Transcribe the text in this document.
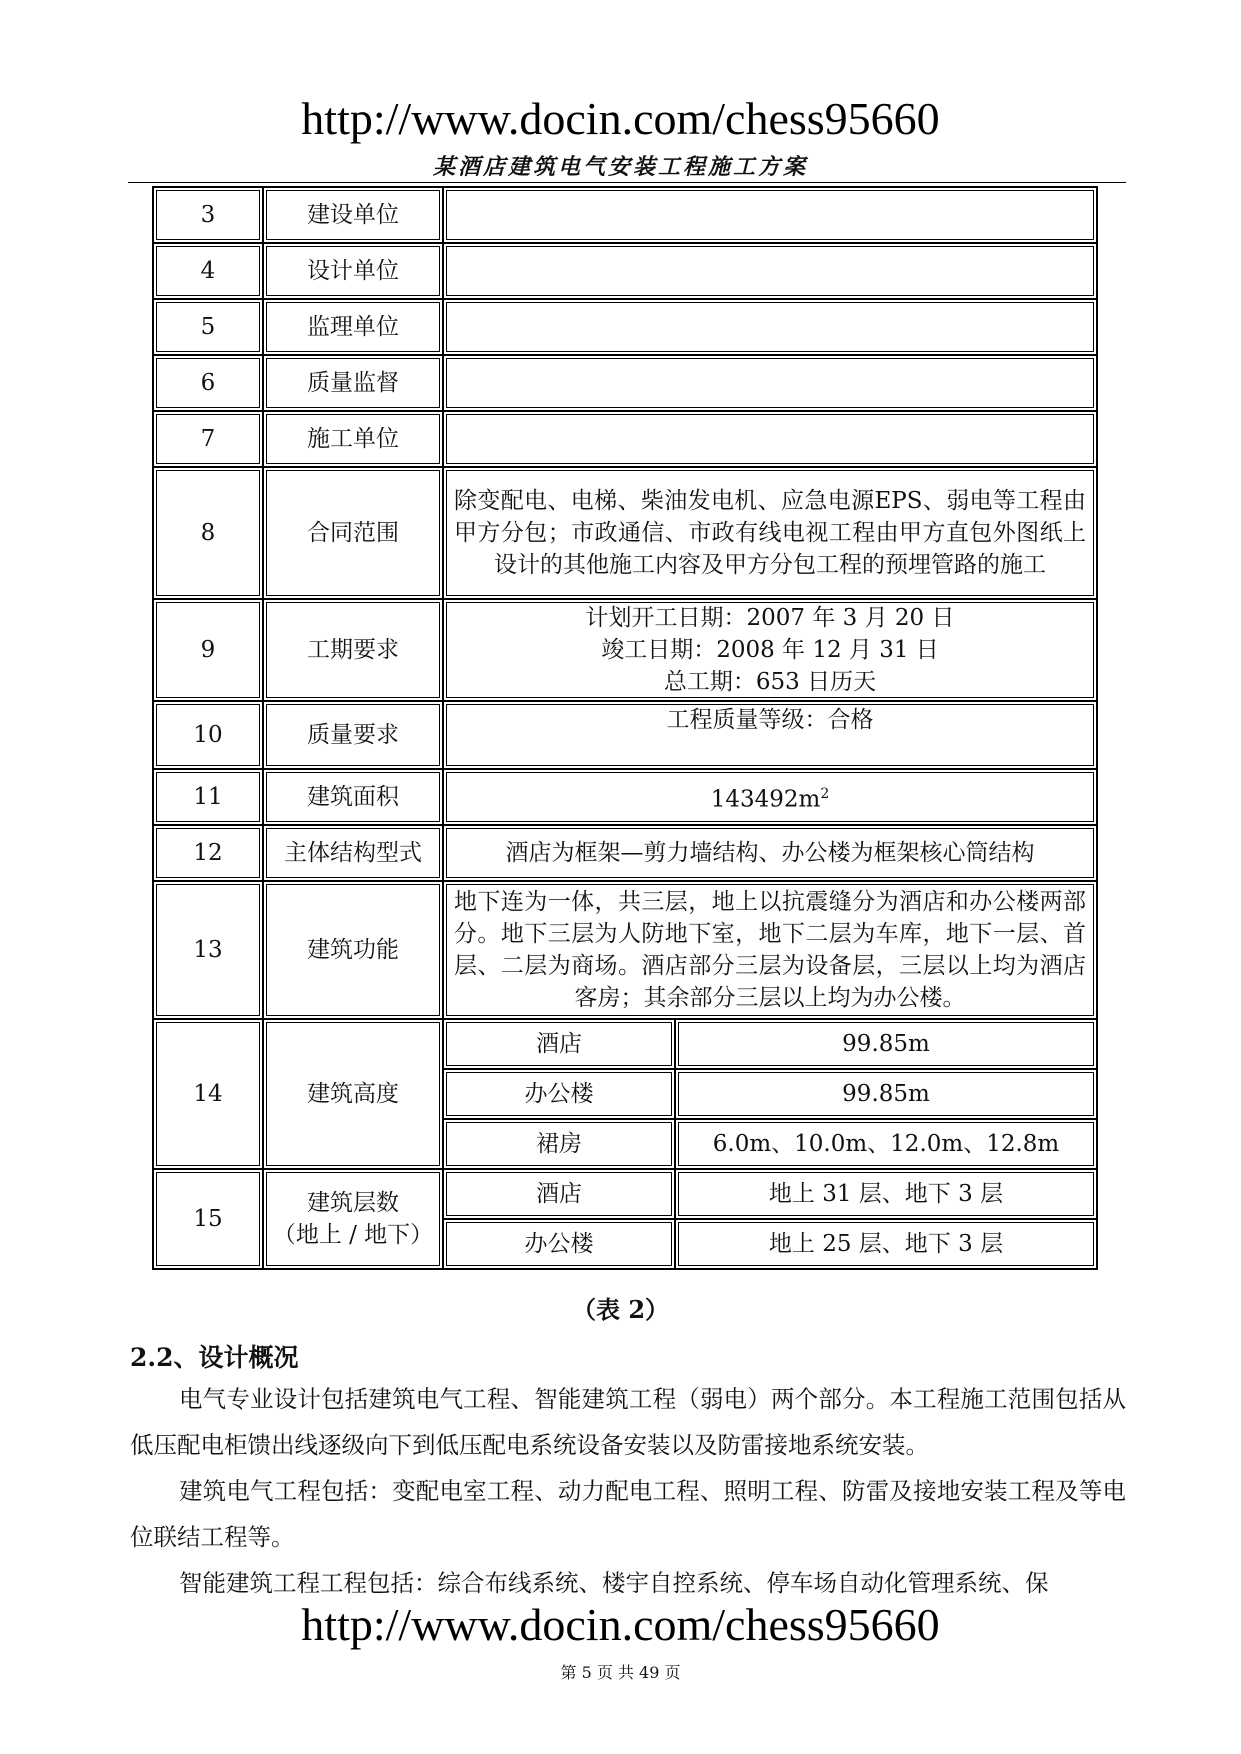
http://www.docin.com/chess95660
某酒店建筑电气安装工程施工方案
3	建设单位		
4	设计单位		
5	监理单位		
6	质量监督		
7	施工单位		
8	合同范围	除变配电、电梯、柴油发电机、应急电源EPS、弱电等工程由甲方分包；市政通信、市政有线电视工程由甲方直包外图纸上设计的其他施工内容及甲方分包工程的预埋管路的施工	
9	工期要求	计划开工日期：2007 年 3 月 20 日
竣工日期：2008 年 12 月 31 日
总工期：653 日历天	

10	质量要求	工程质量等级：合格	
11	建筑面积	$143492m^2$
12	主体结构型式	酒店为框架—剪力墙结构、办公楼为框架核心筒结构	
13	建筑功能	地下连为一体，共三层，地上以抗震缝分为酒店和办公楼两部分。地下三层为人防地下室，地下二层为车库，地下一层、首层、二层为商场。酒店部分三层为设备层，三层以上均为酒店客房；其余部分三层以上均为办公楼。	
14	建筑高度	酒店	99.85m
		办公楼	99.85m
		裙房	6.0m、10.0m、12.0m、12.8m
15	建筑层数
（地上 / 地下）	酒店	地上 31 层、地下 3 层
		办公楼	地上 25 层、地下 3 层
（表 2）
2.2、设计概况
电气专业设计包括建筑电气工程、智能建筑工程（弱电）两个部分。本工程施工范围包括从低压配电柜馈出线逐级向下到低压配电系统设备安装以及防雷接地系统安装。
建筑电气工程包括：变配电室工程、动力配电工程、照明工程、防雷及接地安装工程及等电位联结工程等。
智能建筑工程工程包括：综合布线系统、楼宇自控系统、停车场自动化管理系统、保
http://www.docin.com/chess95660
第 5 页 共 49 页
